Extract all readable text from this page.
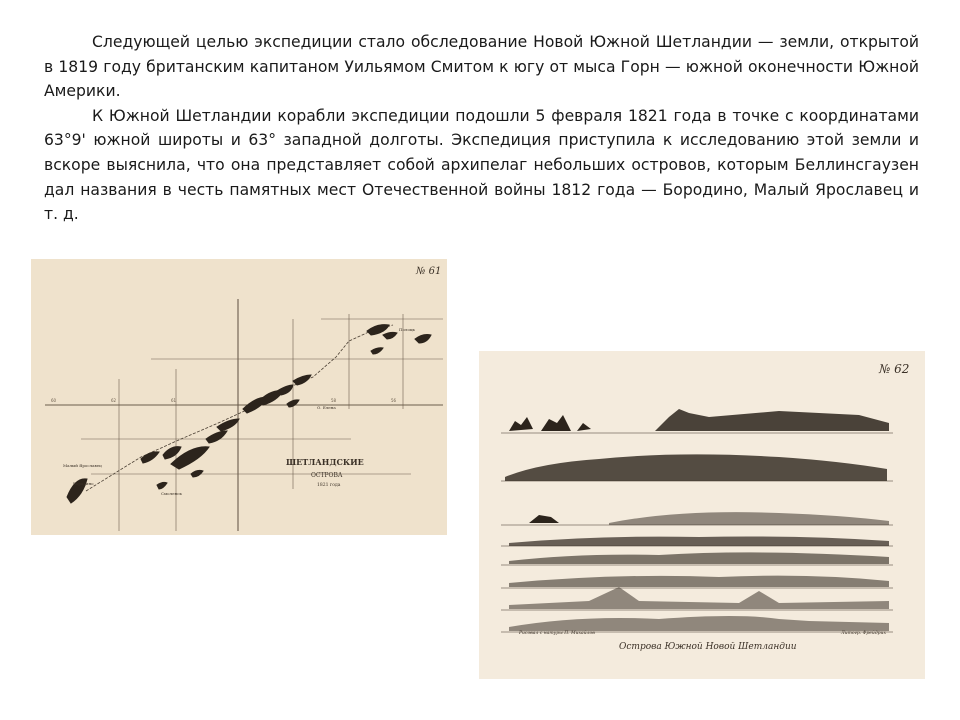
Следующей целью экспедиции стало обследование Новой Южной Шетландии — земли, открытой в 1819 году британским капитаном Уильямом Смитом к югу от мыса Горн — южной оконечности Южной Америки.

К Южной Шетландии корабли экспедиции подошли 5 февраля 1821 года в точке с координатами 63°9' южной широты и 63° западной долготы. Экспедиция приступила к исследованию этой земли и вскоре выяснила, что она представляет собой архипелаг небольших островов, которым Беллинсгаузен дал названия в честь памятных мест Отечественной войны 1812 года — Бородино, Малый Ярославец и т. д.

60	62	61	58	56
№ 61
ШЕТЛАНДСКИЕ
ОСТРОВА
1821 года
Малый Ярославец
Бородино
Смоленск
Полоцк
О. Елена
№ 62
Рисовал с натуры П. Михайлов	Литогр. Фрейдрих
Острова Южной Новой Шетландии
